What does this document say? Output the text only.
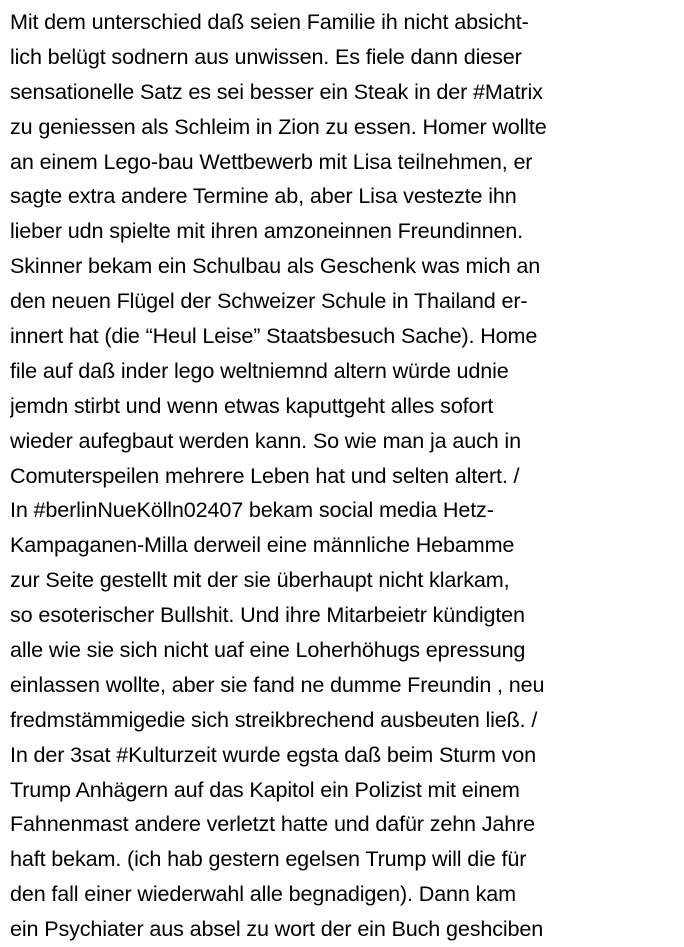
Mit dem unterschied daß seien Familie ih nicht absicht-
lich belügt sodnern aus unwissen. Es fiele dann dieser
sensationelle Satz es sei besser ein Steak in der #Matrix
zu geniessen als Schleim in Zion zu essen. Homer wollte
an einem Lego-bau Wettbewerb mit Lisa teilnehmen, er
sagte extra andere Termine ab, aber Lisa vestezte ihn
lieber udn spielte mit ihren amzoneinnen Freundinnen.
Skinner bekam ein Schulbau als Geschenk was mich an
den neuen Flügel der Schweizer Schule in Thailand er-
innert hat (die “Heul Leise” Staatsbesuch Sache). Home
file auf daß inder lego weltniemnd altern würde udnie
jemdn stirbt und wenn etwas kaputtgeht alles sofort
wieder aufegbaut werden kann. So wie man ja auch in
Comuterspeilen mehrere Leben hat und selten altert. /
In #berlinNueKölln02407 bekam social media Hetz-
Kampaganen-Milla derweil eine männliche Hebamme
zur Seite gestellt mit der sie überhaupt nicht klarkam,
so esoterischer Bullshit. Und ihre Mitarbeietr kündigten
alle wie sie sich nicht uaf eine Loherhöhugs epressung
einlassen wollte, aber sie fand ne dumme Freundin , neu
fredmstämmigedie sich streikbrechend ausbeuten ließ. /
In der 3sat #Kulturzeit wurde egsta daß beim Sturm von
Trump Anhägern auf das Kapitol ein Polizist mit einem
Fahnenmast andere verletzt hatte und dafür zehn Jahre
haft bekam. (ich hab gestern egelsen Trump will die für
den fall einer wiederwahl alle begnadigen). Dann kam
ein Psychiater aus absel zu wort der ein Buch geshciben
